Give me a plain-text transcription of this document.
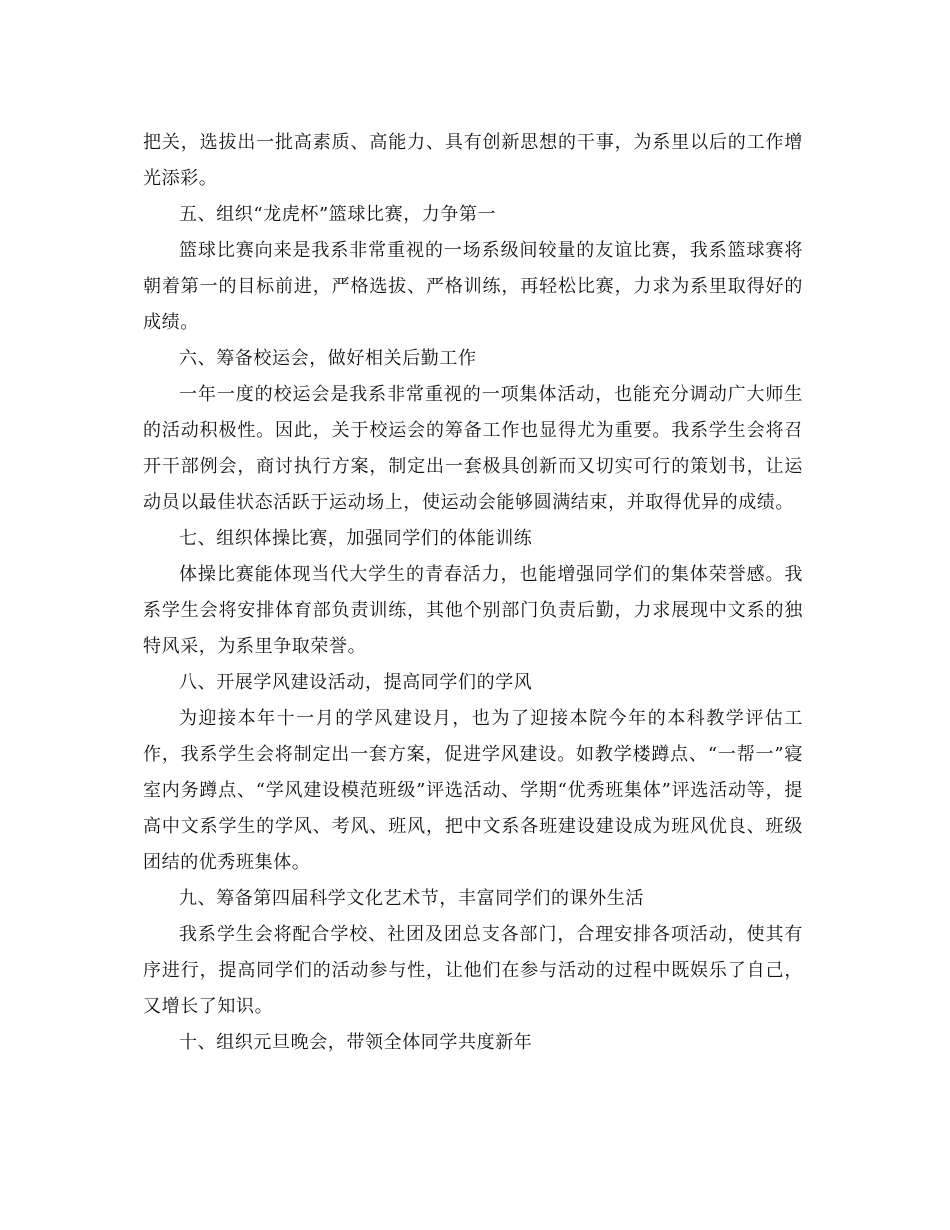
把关，选拔出一批高素质、高能力、具有创新思想的干事，为系里以后的工作增光添彩。

五、组织“龙虎杯”篮球比赛，力争第一

篮球比赛向来是我系非常重视的一场系级间较量的友谊比赛，我系篮球赛将朝着第一的目标前进，严格选拔、严格训练，再轻松比赛，力求为系里取得好的成绩。

六、筹备校运会，做好相关后勤工作

一年一度的校运会是我系非常重视的一项集体活动，也能充分调动广大师生的活动积极性。因此，关于校运会的筹备工作也显得尤为重要。我系学生会将召开干部例会，商讨执行方案，制定出一套极具创新而又切实可行的策划书，让运动员以最佳状态活跃于运动场上，使运动会能够圆满结束，并取得优异的成绩。

七、组织体操比赛，加强同学们的体能训练

体操比赛能体现当代大学生的青春活力，也能增强同学们的集体荣誉感。我系学生会将安排体育部负责训练，其他个别部门负责后勤，力求展现中文系的独特风采，为系里争取荣誉。

八、开展学风建设活动，提高同学们的学风

为迎接本年十一月的学风建设月，也为了迎接本院今年的本科教学评估工作，我系学生会将制定出一套方案，促进学风建设。如教学楼蹲点、“一帮一”寝室内务蹲点、“学风建设模范班级”评选活动、学期“优秀班集体”评选活动等，提高中文系学生的学风、考风、班风，把中文系各班建设建设成为班风优良、班级团结的优秀班集体。

九、筹备第四届科学文化艺术节，丰富同学们的课外生活

我系学生会将配合学校、社团及团总支各部门，合理安排各项活动，使其有序进行，提高同学们的活动参与性，让他们在参与活动的过程中既娱乐了自己，又增长了知识。

十、组织元旦晚会，带领全体同学共度新年
